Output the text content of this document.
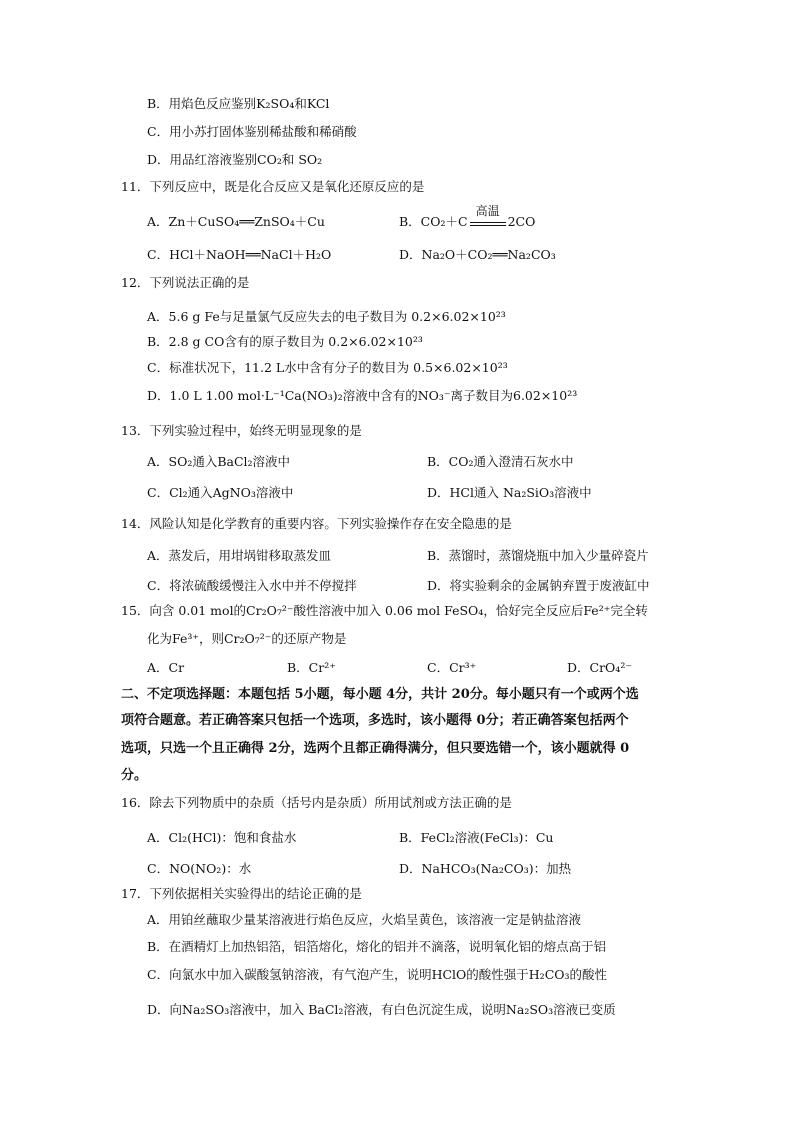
B．用焰色反应鉴别K₂SO₄和KCl
C．用小苏打固体鉴别稀盐酸和稀硝酸
D．用品红溶液鉴别CO₂和 SO₂
11．下列反应中，既是化合反应又是氧化还原反应的是
A．Zn＋CuSO₄══ZnSO₄＋Cu	B．CO₂＋C
高温
2CO
C．HCl＋NaOH══NaCl＋H₂O	D．Na₂O＋CO₂══Na₂CO₃
12．下列说法正确的是
A．5.6 g Fe与足量氯气反应失去的电子数目为 0.2×6.02×10²³
B．2.8 g CO含有的原子数目为 0.2×6.02×10²³
C．标准状况下，11.2 L水中含有分子的数目为 0.5×6.02×10²³
D．1.0 L 1.00 mol·L⁻¹Ca(NO₃)₂溶液中含有的NO₃⁻离子数目为6.02×10²³
13．下列实验过程中，始终无明显现象的是
A．SO₂通入BaCl₂溶液中	B．CO₂通入澄清石灰水中
C．Cl₂通入AgNO₃溶液中	D．HCl通入 Na₂SiO₃溶液中
14．风险认知是化学教育的重要内容。下列实验操作存在安全隐患的是
A．蒸发后，用坩埚钳移取蒸发皿	B．蒸馏时，蒸馏烧瓶中加入少量碎瓷片
C．将浓硫酸缓慢注入水中并不停搅拌	D．将实验剩余的金属钠弃置于废液缸中
15．向含 0.01 mol的Cr₂O₇²⁻酸性溶液中加入 0.06 mol FeSO₄，恰好完全反应后Fe²⁺完全转
化为Fe³⁺，则Cr₂O₇²⁻的还原产物是
A．Cr	B．Cr²⁺	C．Cr³⁺	D．CrO₄²⁻
二、不定项选择题：本题包括 5小题，每小题 4分，共计 20分。每小题只有一个或两个选
项符合题意。若正确答案只包括一个选项，多选时，该小题得 0分；若正确答案包括两个
选项，只选一个且正确得 2分，选两个且都正确得满分，但只要选错一个，该小题就得 0
分。
16．除去下列物质中的杂质（括号内是杂质）所用试剂或方法正确的是
A．Cl₂(HCl)：饱和食盐水	B．FeCl₂溶液(FeCl₃)：Cu
C．NO(NO₂)：水	D．NaHCO₃(Na₂CO₃)：加热
17．下列依据相关实验得出的结论正确的是
A．用铂丝蘸取少量某溶液进行焰色反应，火焰呈黄色，该溶液一定是钠盐溶液
B．在酒精灯上加热铝箔，铝箔熔化，熔化的铝并不滴落，说明氧化铝的熔点高于铝
C．向氯水中加入碳酸氢钠溶液，有气泡产生，说明HClO的酸性强于H₂CO₃的酸性
D．向Na₂SO₃溶液中，加入 BaCl₂溶液，有白色沉淀生成，说明Na₂SO₃溶液已变质
